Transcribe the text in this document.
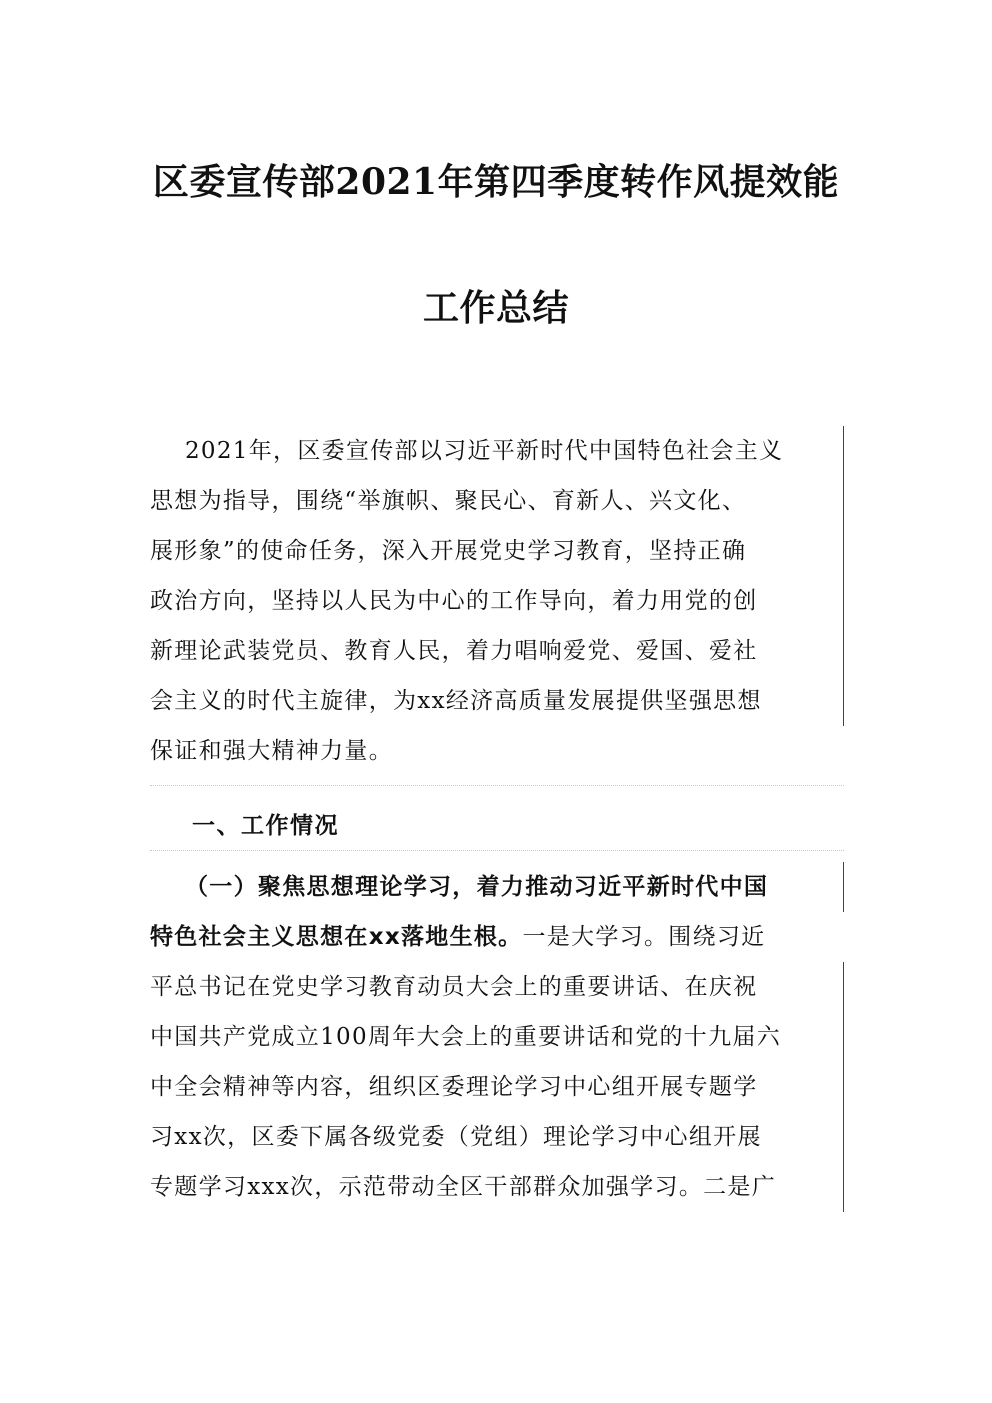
区委宣传部2021年第四季度转作风提效能
工作总结
2021年，区委宣传部以习近平新时代中国特色社会主义
思想为指导，围绕“举旗帜、聚民心、育新人、兴文化、
展形象”的使命任务，深入开展党史学习教育，坚持正确
政治方向，坚持以人民为中心的工作导向，着力用党的创
新理论武装党员、教育人民，着力唱响爱党、爱国、爱社
会主义的时代主旋律，为xx经济高质量发展提供坚强思想
保证和强大精神力量。
一、工作情况
（一）聚焦思想理论学习，着力推动习近平新时代中国
特色社会主义思想在xx落地生根。一是大学习。围绕习近
平总书记在党史学习教育动员大会上的重要讲话、在庆祝
中国共产党成立100周年大会上的重要讲话和党的十九届六
中全会精神等内容，组织区委理论学习中心组开展专题学
习xx次，区委下属各级党委（党组）理论学习中心组开展
专题学习xxx次，示范带动全区干部群众加强学习。二是广
